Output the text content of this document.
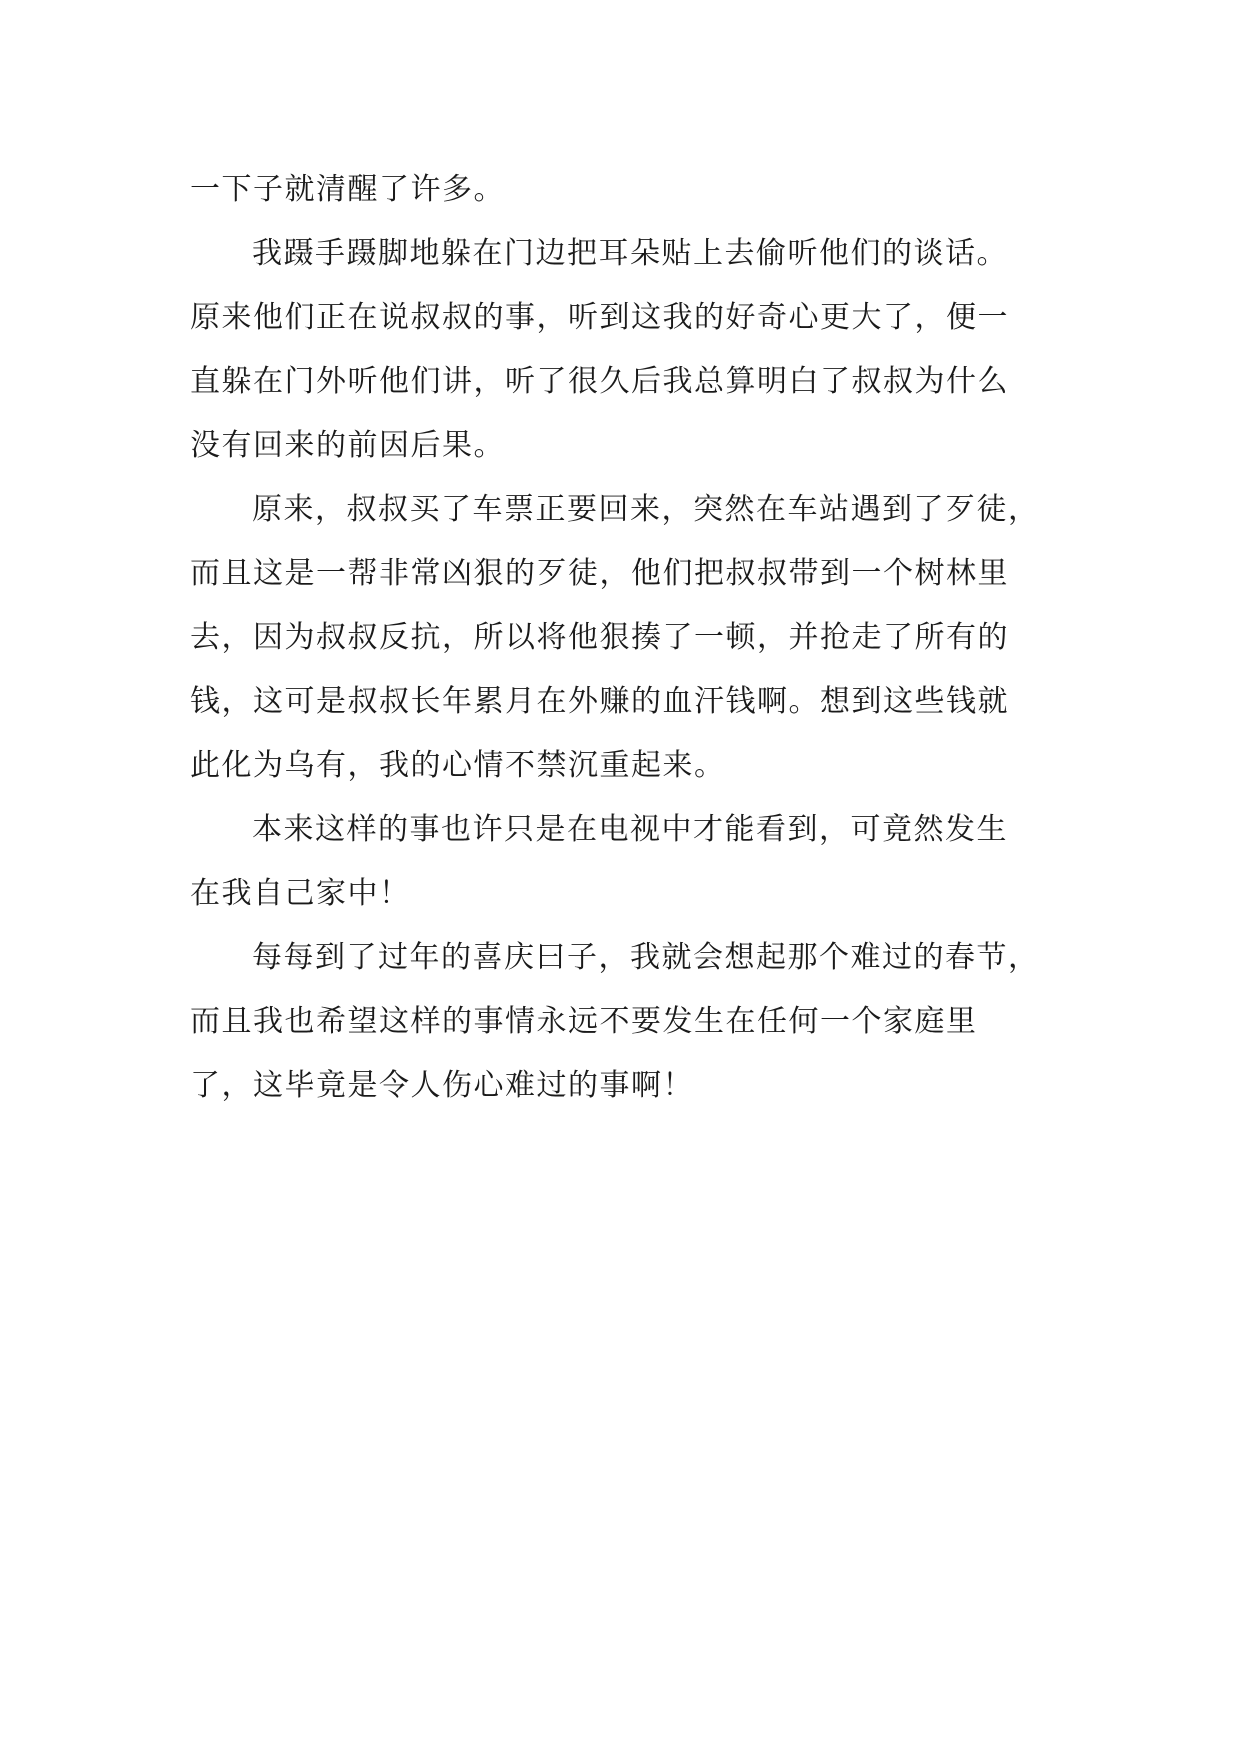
一下子就清醒了许多。
我蹑手蹑脚地躲在门边把耳朵贴上去偷听他们的谈话。
原来他们正在说叔叔的事，听到这我的好奇心更大了，便一
直躲在门外听他们讲，听了很久后我总算明白了叔叔为什么
没有回来的前因后果。
原来，叔叔买了车票正要回来，突然在车站遇到了歹徒，
而且这是一帮非常凶狠的歹徒，他们把叔叔带到一个树林里
去，因为叔叔反抗，所以将他狠揍了一顿，并抢走了所有的
钱，这可是叔叔长年累月在外赚的血汗钱啊。想到这些钱就
此化为乌有，我的心情不禁沉重起来。
本来这样的事也许只是在电视中才能看到，可竟然发生
在我自己家中！
每每到了过年的喜庆曰子，我就会想起那个难过的春节，
而且我也希望这样的事情永远不要发生在任何一个家庭里
了，这毕竟是令人伤心难过的事啊！
